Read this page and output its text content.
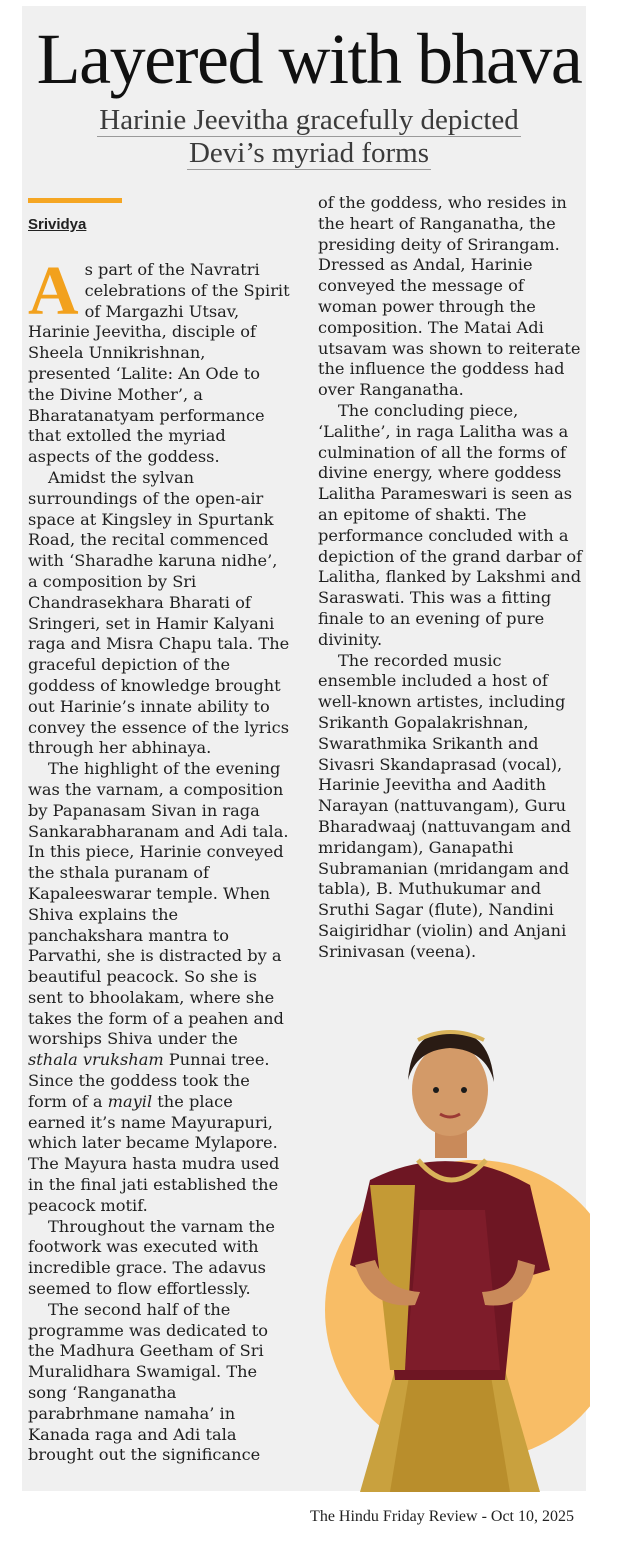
Layered with bhava
Harinie Jeevitha gracefully depicted
Devi’s myriad forms
Srividya

As part of the Navratri celebrations of the Spirit of Margazhi Utsav, Harinie Jeevitha, disciple of Sheela Unnikrishnan, presented ‘Lalite: An Ode to the Divine Mother’, a Bharatanatyam performance that extolled the myriad aspects of the goddess.

Amidst the sylvan surroundings of the open-air space at Kingsley in Spurtank Road, the recital commenced with ‘Sharadhe karuna nidhe’, a composition by Sri Chandrasekhara Bharati of Sringeri, set in Hamir Kalyani raga and Misra Chapu tala. The graceful depiction of the goddess of knowledge brought out Harinie’s innate ability to convey the essence of the lyrics through her abhinaya.

The highlight of the evening was the varnam, a composition by Papanasam Sivan in raga Sankarabharanam and Adi tala. In this piece, Harinie conveyed the sthala puranam of Kapaleeswarar temple. When Shiva explains the panchakshara mantra to Parvathi, she is distracted by a beautiful peacock. So she is sent to bhoolakam, where she takes the form of a peahen and worships Shiva under the sthala vruksham Punnai tree. Since the goddess took the form of a mayil the place earned it’s name Mayurapuri, which later became Mylapore. The Mayura hasta mudra used in the final jati established the peacock motif.

Throughout the varnam the footwork was executed with incredible grace. The adavus seemed to flow effortlessly.

The second half of the programme was dedicated to the Madhura Geetham of Sri Muralidhara Swamigal. The song ‘Ranganatha parabrhmane namaha’ in Kanada raga and Adi tala brought out the significance

of the goddess, who resides in the heart of Ranganatha, the presiding deity of Srirangam. Dressed as Andal, Harinie conveyed the message of woman power through the composition. The Matai Adi utsavam was shown to reiterate the influence the goddess had over Ranganatha.

The concluding piece, ‘Lalithe’, in raga Lalitha was a culmination of all the forms of divine energy, where goddess Lalitha Parameswari is seen as an epitome of shakti. The performance concluded with a depiction of the grand darbar of Lalitha, flanked by Lakshmi and Saraswati. This was a fitting finale to an evening of pure divinity.

The recorded music ensemble included a host of well-known artistes, including Srikanth Gopalakrishnan, Swarathmika Srikanth and Sivasri Skandaprasad (vocal), Harinie Jeevitha and Aadith Narayan (nattuvangam), Guru Bharadwaaj (nattuvangam and mridangam), Ganapathi Subramanian (mridangam and tabla), B. Muthukumar and Sruthi Sagar (flute), Nandini Saigiridhar (violin) and Anjani Srinivasan (veena).

The Hindu Friday Review - Oct 10, 2025
